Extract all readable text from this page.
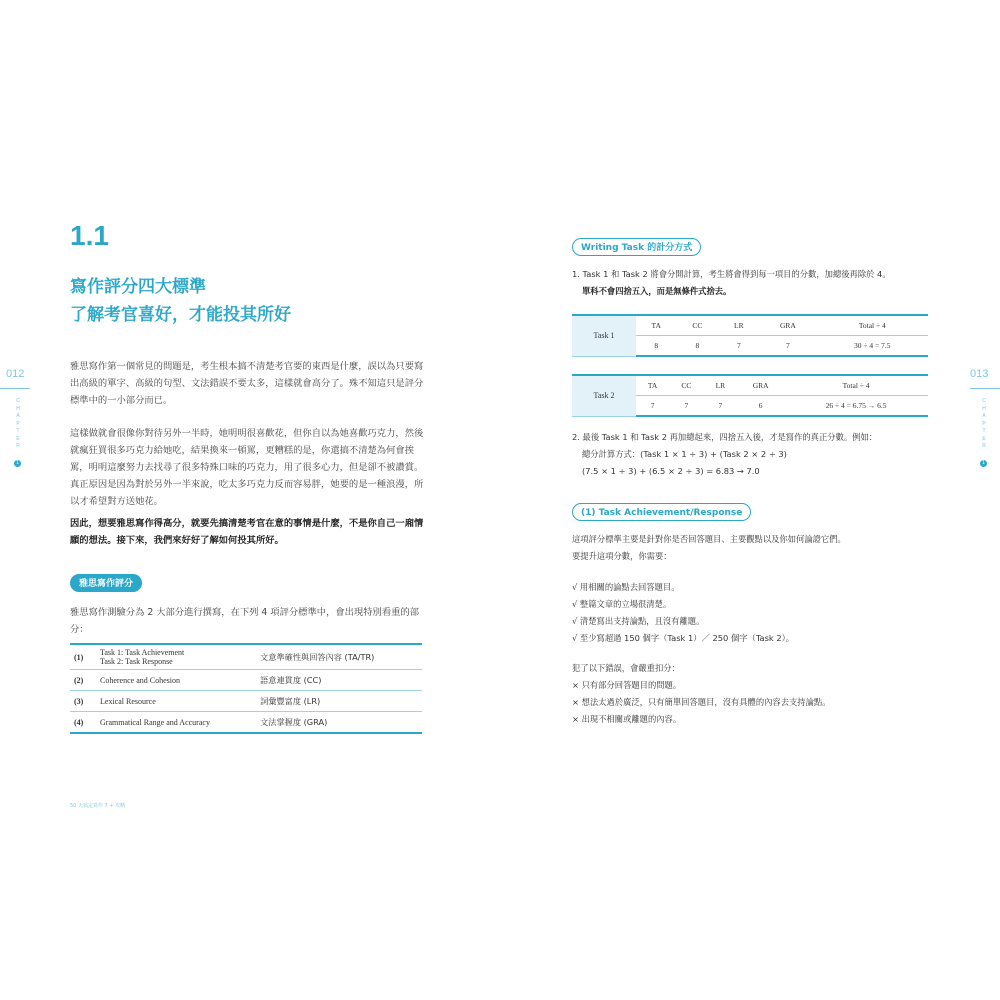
1.1
寫作評分四大標準
了解考官喜好，才能投其所好
雅思寫作第一個常見的問題是，考生根本搞不清楚考官要的東西是什麼，誤以為只要寫出高級的單字、高級的句型、文法錯誤不要太多，這樣就會高分了。殊不知這只是評分標準中的一小部分而已。
這樣做就會很像你對待另外一半時，她明明很喜歡花，但你自以為她喜歡巧克力，然後就瘋狂買很多巧克力給她吃，結果換來一頓罵，更糟糕的是，你還搞不清楚為何會挨罵，明明這麼努力去找尋了很多特殊口味的巧克力，用了很多心力，但是卻不被讚賞。真正原因是因為對於另外一半來說，吃太多巧克力反而容易胖，她要的是一種浪漫，所以才希望對方送她花。
因此，想要雅思寫作得高分，就要先搞清楚考官在意的事情是什麼，不是你自己一廂情願的想法。接下來，我們來好好了解如何投其所好。
雅思寫作評分
雅思寫作測驗分為 2 大部分進行撰寫，在下列 4 項評分標準中，會出現特別看重的部分：
(1)	Task 1: Task Achievement
Task 2: Task Response	文意準確性與回答內容 (TA/TR)
(2)	Coherence and Cohesion	語意連貫度 (CC)
(3)	Lexical Resource	詞彙豐富度 (LR)
(4)	Grammatical Range and Accuracy	文法掌握度 (GRA)
50 天搞定寫作 7 + 攻略
012
C
H
A
P
T
E
R
1
Writing Task 的計分方式
1. Task 1 和 Task 2 將會分開計算，考生將會得到每一項目的分數，加總後再除於 4。
單科不會四捨五入，而是無條件式捨去。
Task 1	TA	CC	LR	GRA	Total ÷ 4
	8	8	7	7	30 ÷ 4 = 7.5
Task 2	TA	CC	LR	GRA	Total ÷ 4
	7	7	7	6	26 ÷ 4 = 6.75 → 6.5
2. 最後 Task 1 和 Task 2 再加總起來，四捨五入後，才是寫作的真正分數。例如：
總分計算方式：(Task 1 × 1 ÷ 3) + (Task 2 × 2 ÷ 3)
(7.5 × 1 ÷ 3) + (6.5 × 2 ÷ 3) = 6.83 → 7.0
(1) Task Achievement/Response
這項評分標準主要是針對你是否回答題目、主要觀點以及你如何論證它們。
要提升這項分數，你需要：
√ 用相關的論點去回答題目。
√ 整篇文章的立場很清楚。
√ 清楚寫出支持論點，且沒有離題。
√ 至少寫超過 150 個字（Task 1）／ 250 個字（Task 2）。
犯了以下錯誤，會嚴重扣分：
× 只有部分回答題目的問題。
× 想法太過於廣泛，只有簡單回答題目，沒有具體的內容去支持論點。
× 出現不相關或離題的內容。
013
C
H
A
P
T
E
R
1
